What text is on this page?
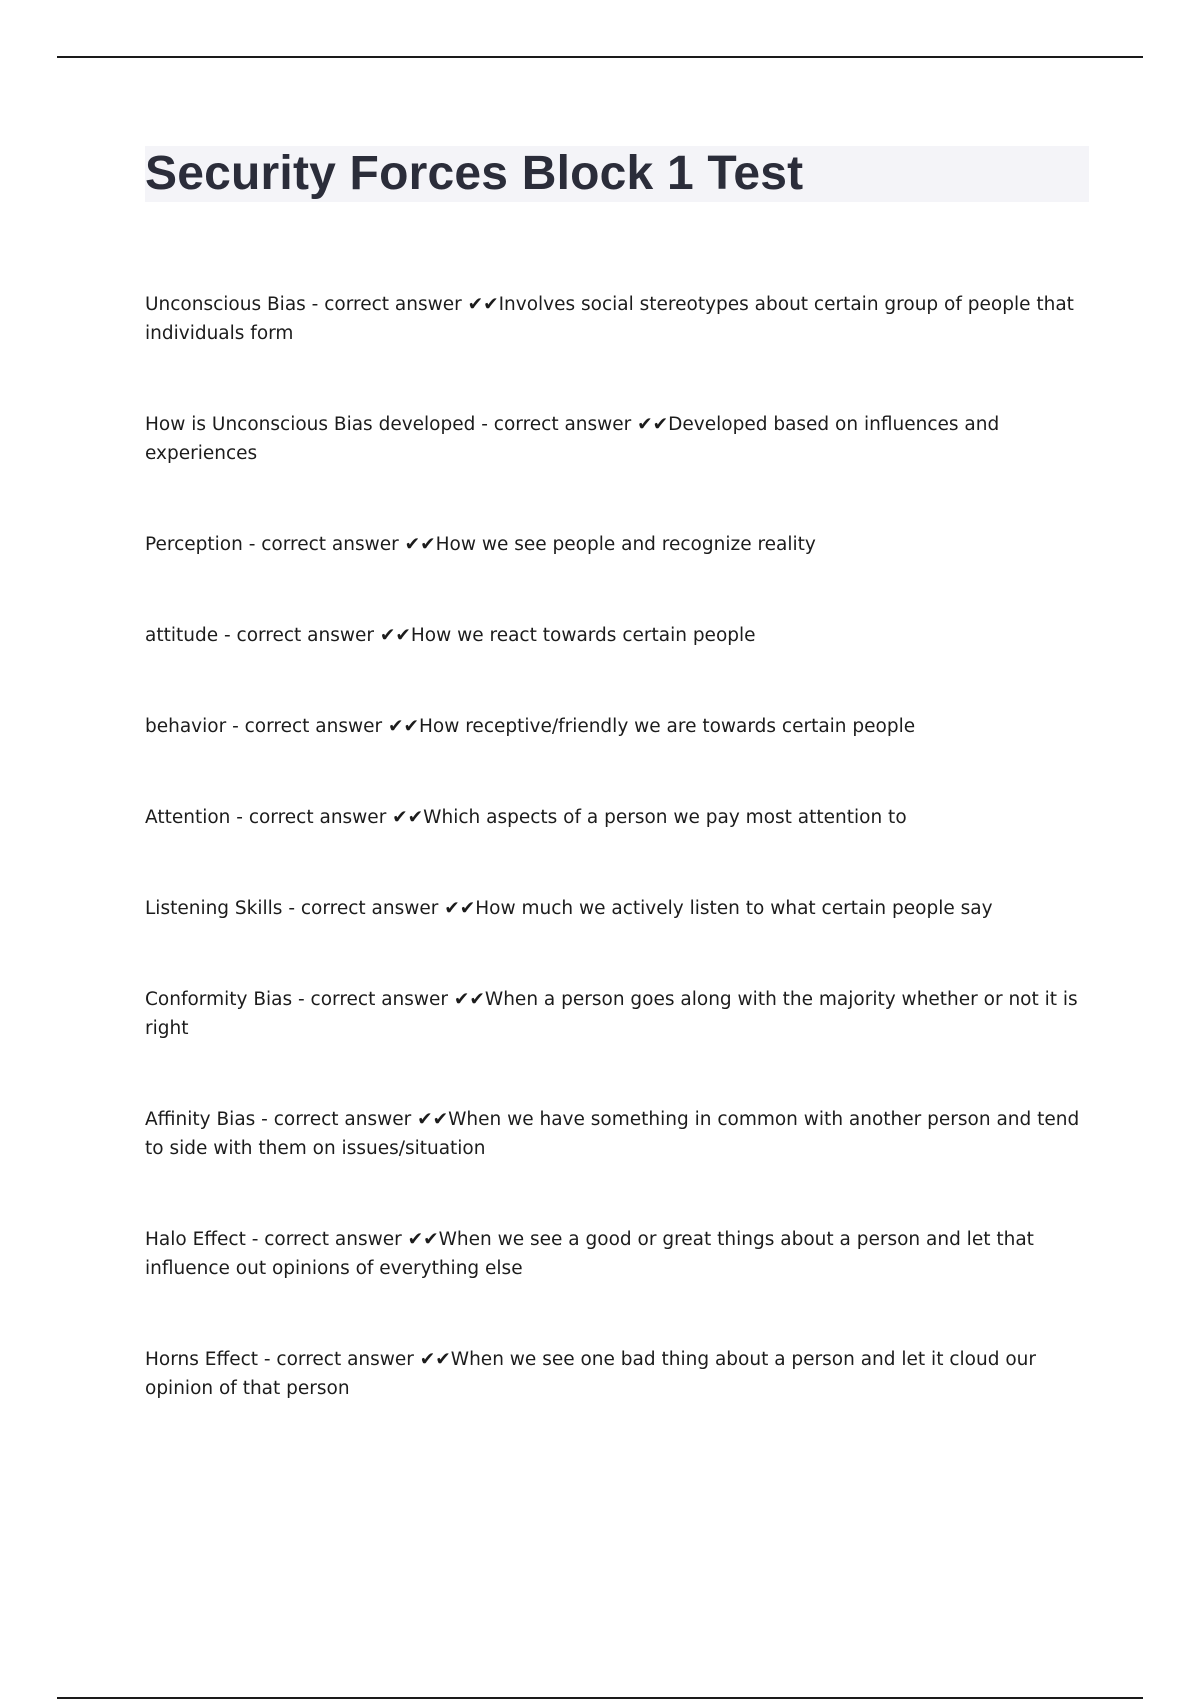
Security Forces Block 1 Test

Unconscious Bias - correct answer ✔✔Involves social stereotypes about certain group of people that individuals form

How is Unconscious Bias developed - correct answer ✔✔Developed based on influences and experiences

Perception - correct answer ✔✔How we see people and recognize reality

attitude - correct answer ✔✔How we react towards certain people

behavior - correct answer ✔✔How receptive/friendly we are towards certain people

Attention - correct answer ✔✔Which aspects of a person we pay most attention to

Listening Skills - correct answer ✔✔How much we actively listen to what certain people say

Conformity Bias - correct answer ✔✔When a person goes along with the majority whether or not it is right

Affinity Bias - correct answer ✔✔When we have something in common with another person and tend to side with them on issues/situation

Halo Effect - correct answer ✔✔When we see a good or great things about a person and let that influence out opinions of everything else

Horns Effect - correct answer ✔✔When we see one bad thing about a person and let it cloud our opinion of that person
